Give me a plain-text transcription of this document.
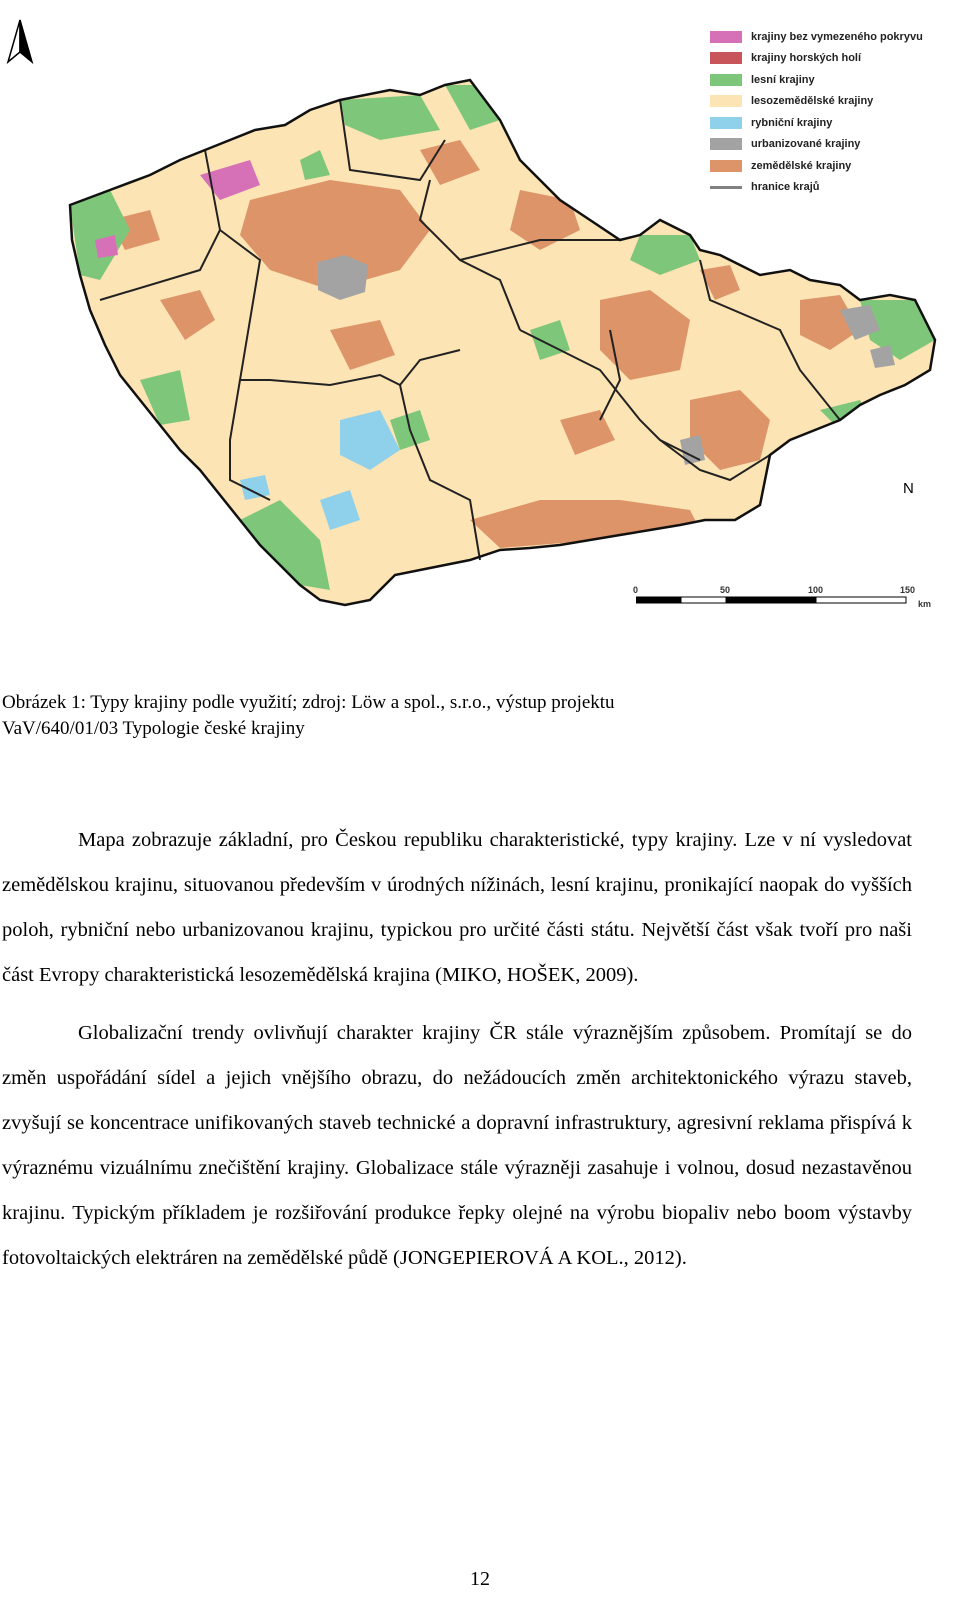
krajiny bez vymezeného pokryvu
krajiny horských holí
lesní krajiny
lesozemědělské krajiny
rybniční krajiny
urbanizované krajiny
zemědělské krajiny
hranice krajů
N
0	50	100	150
km
Obrázek 1: Typy krajiny podle využití; zdroj: Löw a spol., s.r.o., výstup projektu
VaV/640/01/03 Typologie české krajiny

Mapa zobrazuje základní, pro Českou republiku charakteristické, typy krajiny. Lze v ní vysledovat zemědělskou krajinu, situovanou především v úrodných nížinách, lesní krajinu, pronikající naopak do vyšších poloh, rybniční nebo urbanizovanou krajinu, typickou pro určité části státu. Největší část však tvoří pro naši část Evropy charakteristická lesozemědělská krajina (MIKO, HOŠEK, 2009).

Globalizační trendy ovlivňují charakter krajiny ČR stále výraznějším způsobem. Promítají se do změn uspořádání sídel a jejich vnějšího obrazu, do nežádoucích změn architektonického výrazu staveb, zvyšují se koncentrace unifikovaných staveb technické a dopravní infrastruktury, agresivní reklama přispívá k výraznému vizuálnímu znečištění krajiny. Globalizace stále výrazněji zasahuje i volnou, dosud nezastavěnou krajinu. Typickým příkladem je rozšiřování produkce řepky olejné na výrobu biopaliv nebo boom výstavby fotovoltaických elektráren na zemědělské půdě (JONGEPIEROVÁ A KOL., 2012).

12
